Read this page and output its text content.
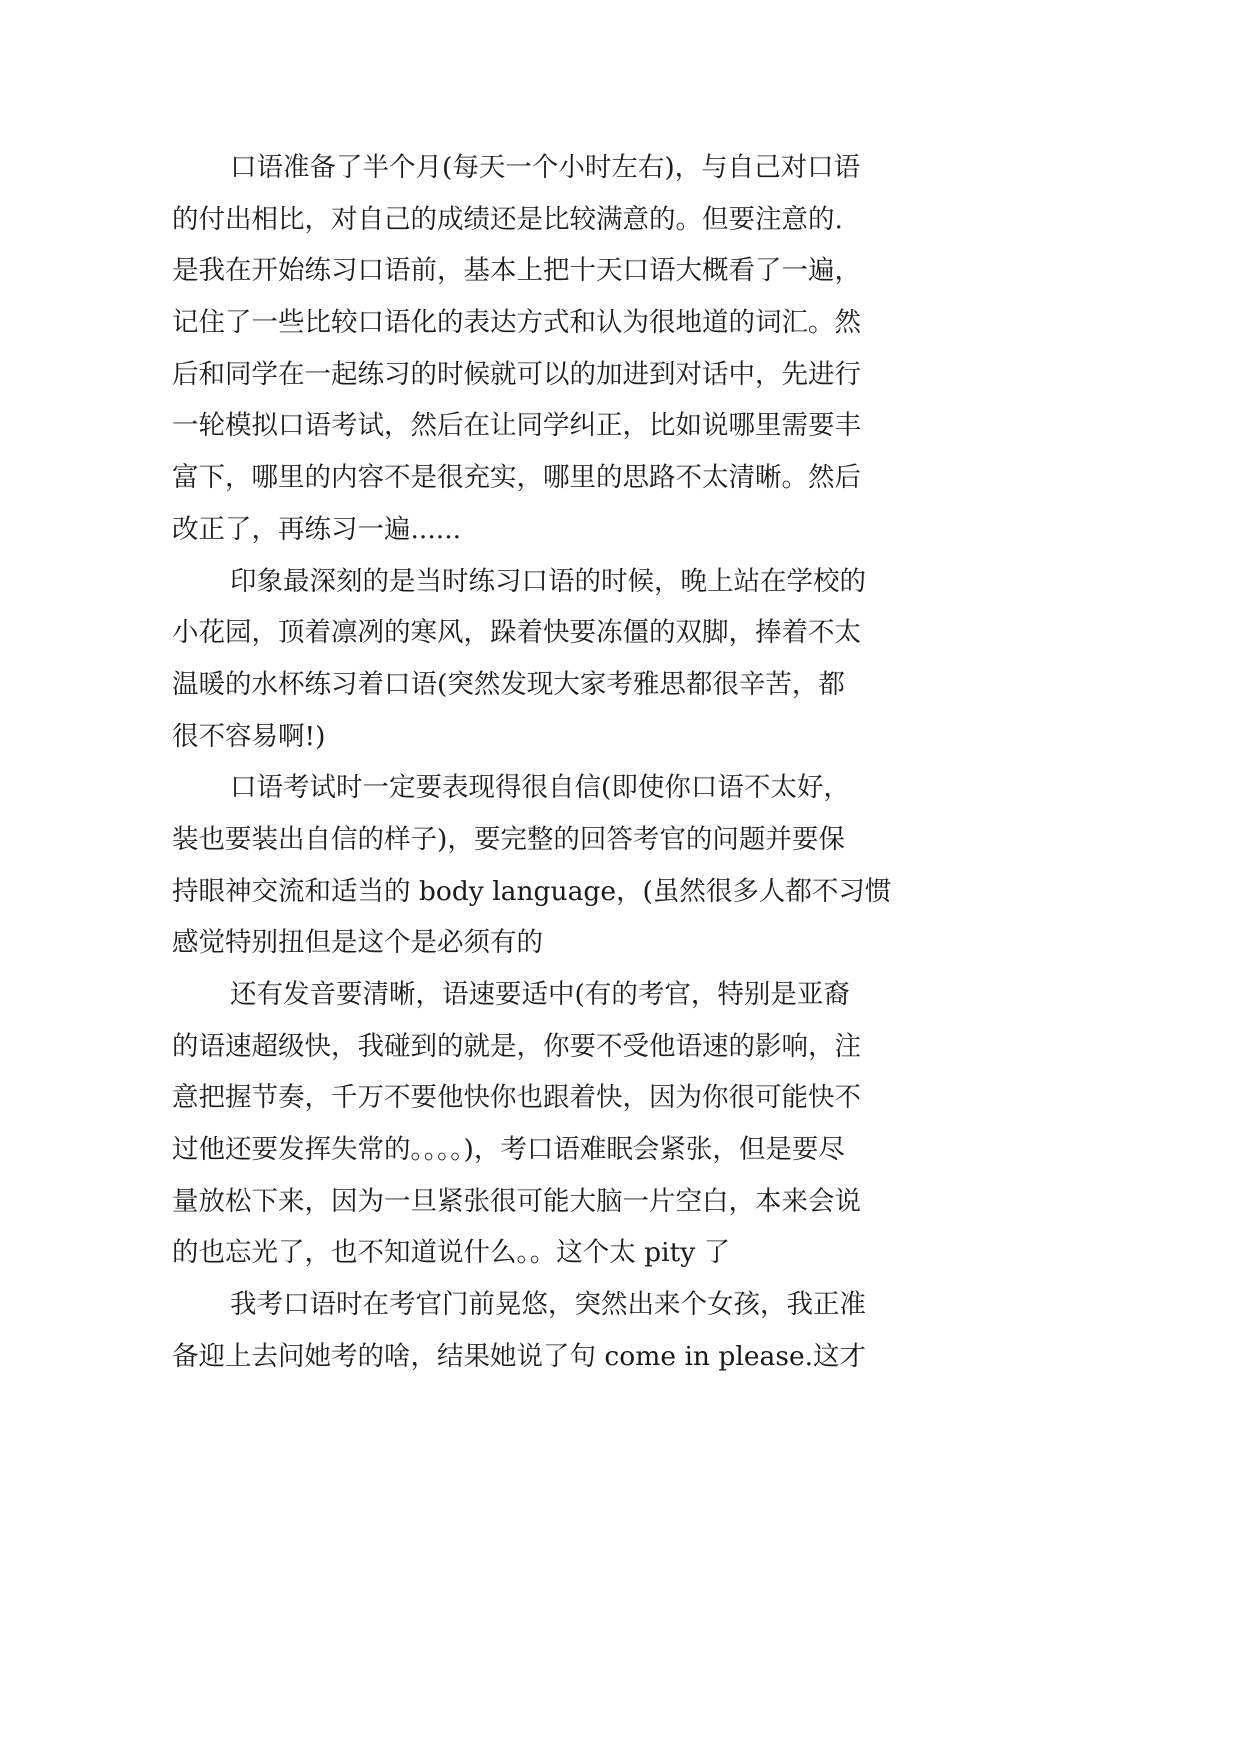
口语准备了半个月(每天一个小时左右)，与自己对口语
的付出相比，对自己的成绩还是比较满意的。但要注意的.
是我在开始练习口语前，基本上把十天口语大概看了一遍，
记住了一些比较口语化的表达方式和认为很地道的词汇。然
后和同学在一起练习的时候就可以的加进到对话中，先进行
一轮模拟口语考试，然后在让同学纠正，比如说哪里需要丰
富下，哪里的内容不是很充实，哪里的思路不太清晰。然后
改正了，再练习一遍......
印象最深刻的是当时练习口语的时候，晚上站在学校的
小花园，顶着凛冽的寒风，跺着快要冻僵的双脚，捧着不太
温暖的水杯练习着口语(突然发现大家考雅思都很辛苦，都
很不容易啊!)
口语考试时一定要表现得很自信(即使你口语不太好，
装也要装出自信的样子)，要完整的回答考官的问题并要保
持眼神交流和适当的 body language，(虽然很多人都不习惯
感觉特别扭但是这个是必须有的
还有发音要清晰，语速要适中(有的考官，特别是亚裔
的语速超级快，我碰到的就是，你要不受他语速的影响，注
意把握节奏，千万不要他快你也跟着快，因为你很可能快不
过他还要发挥失常的。。。。)，考口语难眠会紧张，但是要尽
量放松下来，因为一旦紧张很可能大脑一片空白，本来会说
的也忘光了，也不知道说什么。。这个太 pity 了
我考口语时在考官门前晃悠，突然出来个女孩，我正准
备迎上去问她考的啥，结果她说了句 come in please.这才
